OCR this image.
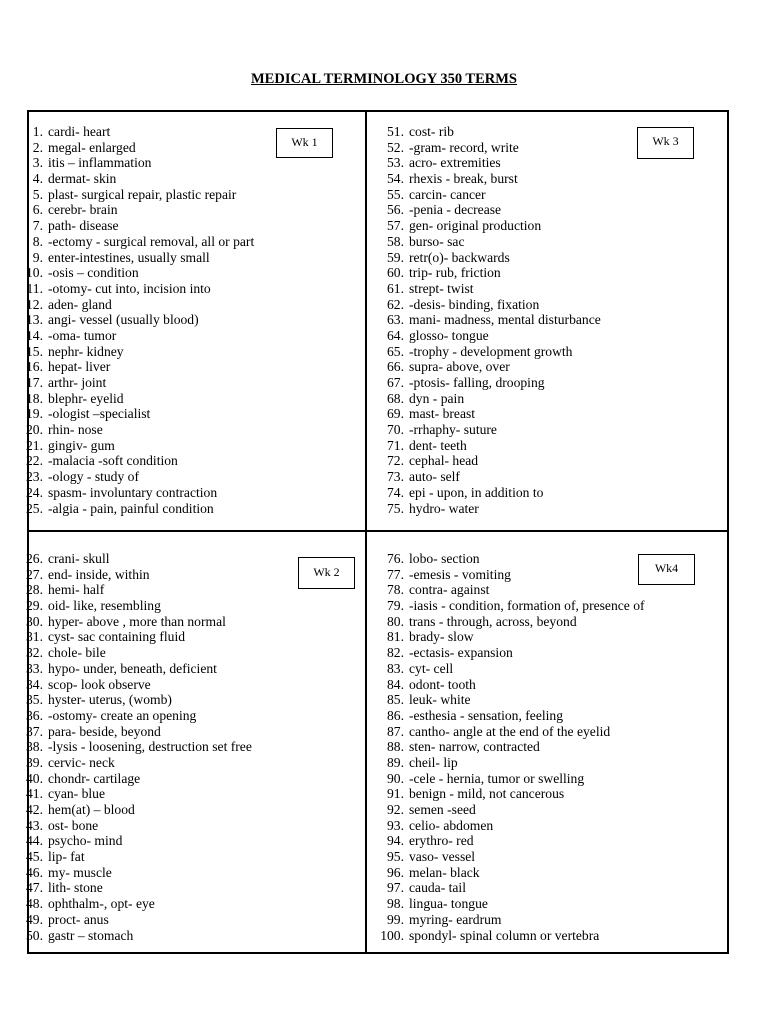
MEDICAL TERMINOLOGY 350 TERMS
1. cardi- heart
2. megal- enlarged
3. itis – inflammation
4. dermat- skin
5. plast- surgical repair, plastic repair
6. cerebr- brain
7. path- disease
8. -ectomy - surgical removal, all or part
9. enter-intestines, usually small
10. -osis – condition
11. -otomy- cut into, incision into
12. aden- gland
13. angi- vessel (usually blood)
14. -oma- tumor
15. nephr- kidney
16. hepat- liver
17. arthr- joint
18. blephr- eyelid
19. -ologist –specialist
20. rhin- nose
21. gingiv- gum
22. -malacia -soft condition
23. -ology - study of
24. spasm- involuntary contraction
25. -algia - pain, painful condition
Wk 1
51. cost- rib
52. -gram- record, write
53. acro- extremities
54. rhexis - break, burst
55. carcin- cancer
56. -penia - decrease
57. gen- original production
58. burso- sac
59. retr(o)- backwards
60. trip- rub, friction
61. strept- twist
62. -desis- binding, fixation
63. mani- madness, mental disturbance
64. glosso- tongue
65. -trophy - development growth
66. supra- above, over
67. -ptosis- falling, drooping
68. dyn - pain
69. mast- breast
70. -rrhaphy- suture
71. dent- teeth
72. cephal- head
73. auto- self
74. epi - upon, in addition to
75. hydro- water
Wk 3
26. crani- skull
27. end- inside, within
28. hemi- half
29. oid- like, resembling
30. hyper- above , more than normal
31. cyst- sac containing fluid
32. chole- bile
33. hypo- under, beneath, deficient
34. scop- look observe
35. hyster- uterus, (womb)
36. -ostomy- create an opening
37. para- beside, beyond
38. -lysis - loosening, destruction set free
39. cervic- neck
40. chondr- cartilage
41. cyan- blue
42. hem(at) – blood
43. ost- bone
44. psycho- mind
45. lip- fat
46. my- muscle
47. lith- stone
48. ophthalm-, opt- eye
49. proct- anus
50. gastr – stomach
Wk 2
76. lobo- section
77. -emesis - vomiting
78. contra- against
79. -iasis - condition, formation of, presence of
80. trans - through, across, beyond
81. brady- slow
82. -ectasis- expansion
83. cyt- cell
84. odont- tooth
85. leuk- white
86. -esthesia - sensation, feeling
87. cantho- angle at the end of the eyelid
88. sten- narrow, contracted
89. cheil- lip
90. -cele - hernia, tumor or swelling
91. benign - mild, not cancerous
92. semen -seed
93. celio- abdomen
94. erythro- red
95. vaso- vessel
96. melan- black
97. cauda- tail
98. lingua- tongue
99. myring- eardrum
100. spondyl- spinal column or vertebra
Wk4
